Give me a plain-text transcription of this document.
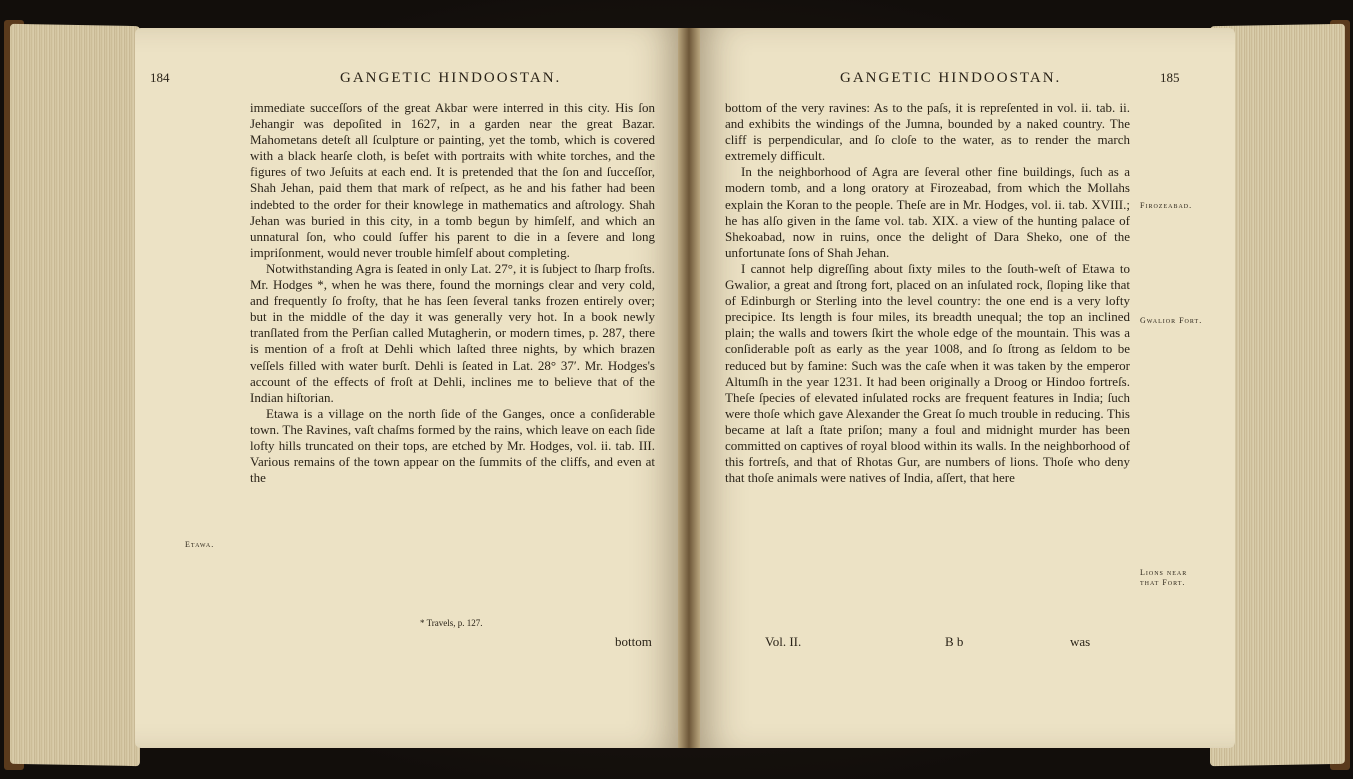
184	GANGETIC HINDOOSTAN.

immediate succeſſors of the great Akbar were interred in this city. His ſon Jehangir was depoſited in 1627, in a garden near the great Bazar. Mahometans deteſt all ſculpture or painting, yet the tomb, which is covered with a black hearſe cloth, is beſet with portraits with white torches, and the figures of two Jeſuits at each end. It is pretended that the ſon and ſucceſſor, Shah Jehan, paid them that mark of reſpect, as he and his father had been indebted to the order for their knowlege in mathematics and aſtrology. Shah Jehan was buried in this city, in a tomb begun by himſelf, and which an unnatural ſon, who could ſuffer his parent to die in a ſevere and long impriſonment, would never trouble himſelf about completing.

Notwithstanding Agra is ſeated in only Lat. 27°, it is ſubject to ſharp froſts. Mr. Hodges *, when he was there, found the mornings clear and very cold, and frequently ſo froſty, that he has ſeen ſeveral tanks frozen entirely over; but in the middle of the day it was generally very hot. In a book newly tranſlated from the Perſian called Mutagherin, or modern times, p. 287, there is mention of a froſt at Dehli which laſted three nights, by which brazen veſſels filled with water burſt. Dehli is ſeated in Lat. 28° 37′. Mr. Hodges's account of the effects of froſt at Dehli, inclines me to believe that of the Indian hiſtorian.

Etawa is a village on the north ſide of the Ganges, once a conſiderable town. The Ravines, vaſt chaſms formed by the rains, which leave on each ſide lofty hills truncated on their tops, are etched by Mr. Hodges, vol. ii. tab. III. Various remains of the town appear on the ſummits of the cliffs, and even at the

Etawa.
* Travels, p. 127.
bottom
GANGETIC HINDOOSTAN.	185

bottom of the very ravines: As to the paſs, it is repreſented in vol. ii. tab. ii. and exhibits the windings of the Jumna, bounded by a naked country. The cliff is perpendicular, and ſo cloſe to the water, as to render the march extremely difficult.

In the neighborhood of Agra are ſeveral other fine buildings, ſuch as a modern tomb, and a long oratory at Firozeabad, from which the Mollahs explain the Koran to the people. Theſe are in Mr. Hodges, vol. ii. tab. XVIII.; he has alſo given in the ſame vol. tab. XIX. a view of the hunting palace of Shekoabad, now in ruins, once the delight of Dara Sheko, one of the unfortunate ſons of Shah Jehan.

I cannot help digreſſing about ſixty miles to the ſouth-weſt of Etawa to Gwalior, a great and ſtrong fort, placed on an inſulated rock, ſloping like that of Edinburgh or Sterling into the level country: the one end is a very lofty precipice. Its length is four miles, its breadth unequal; the top an inclined plain; the walls and towers ſkirt the whole edge of the mountain. This was a conſiderable poſt as early as the year 1008, and ſo ſtrong as ſeldom to be reduced but by famine: Such was the caſe when it was taken by the emperor Altumſh in the year 1231. It had been originally a Droog or Hindoo fortreſs. Theſe ſpecies of elevated inſulated rocks are frequent features in India; ſuch were thoſe which gave Alexander the Great ſo much trouble in reducing. This became at laſt a ſtate priſon; many a foul and midnight murder has been committed on captives of royal blood within its walls. In the neighborhood of this fortreſs, and that of Rhotas Gur, are numbers of lions. Thoſe who deny that thoſe animals were natives of India, aſſert, that here

Firozeabad.
Gwalior Fort.
Lions near that Fort.
Vol. II.	B b	was
